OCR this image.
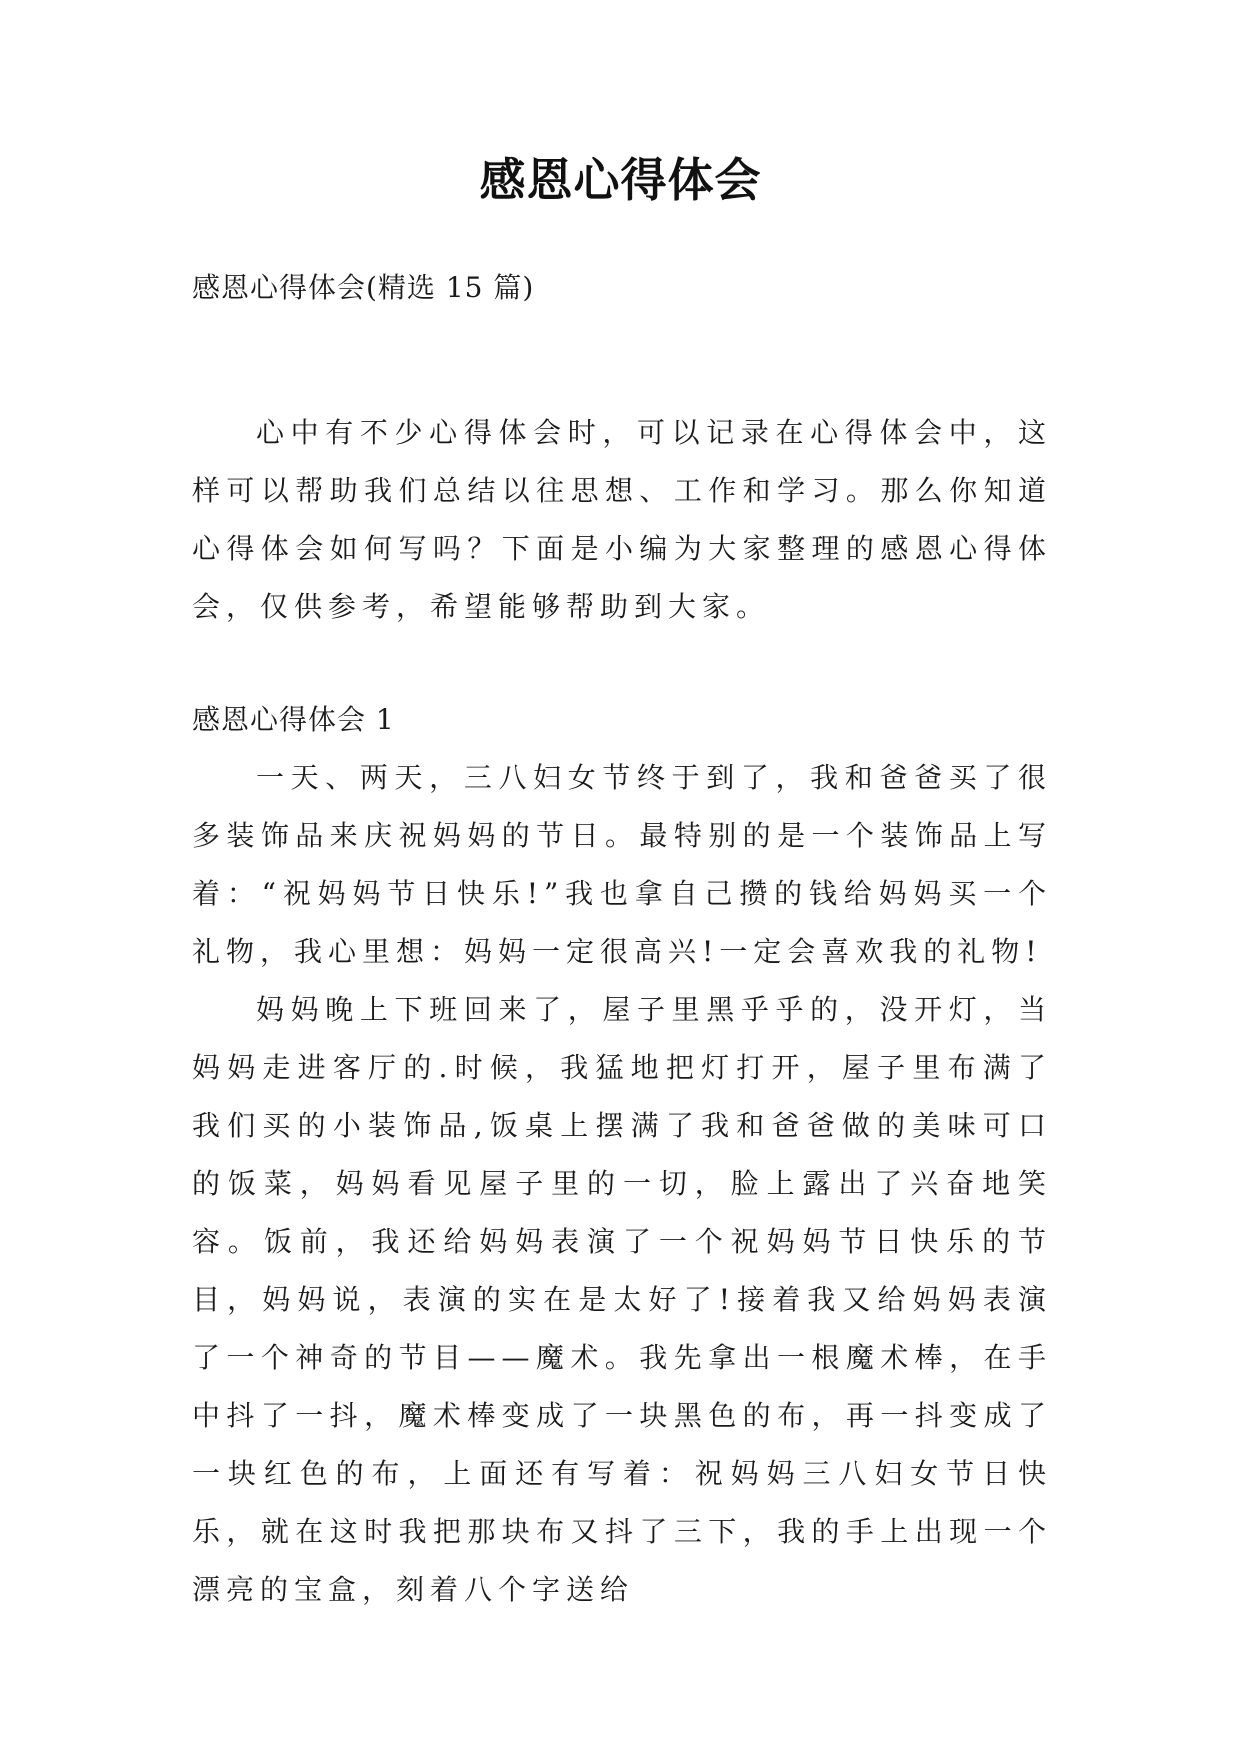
感恩心得体会
感恩心得体会(精选 15 篇)

心中有不少心得体会时，可以记录在心得体会中，这样可以帮助我们总结以往思想、工作和学习。那么你知道心得体会如何写吗？下面是小编为大家整理的感恩心得体会，仅供参考，希望能够帮助到大家。

感恩心得体会 1

一天、两天，三八妇女节终于到了，我和爸爸买了很多装饰品来庆祝妈妈的节日。最特别的是一个装饰品上写着：“祝妈妈节日快乐!”我也拿自己攒的钱给妈妈买一个礼物，我心里想：妈妈一定很高兴!一定会喜欢我的礼物!

妈妈晚上下班回来了，屋子里黑乎乎的，没开灯，当妈妈走进客厅的.时候，我猛地把灯打开，屋子里布满了我们买的小装饰品,饭桌上摆满了我和爸爸做的美味可口的饭菜，妈妈看见屋子里的一切，脸上露出了兴奋地笑容。饭前，我还给妈妈表演了一个祝妈妈节日快乐的节目，妈妈说，表演的实在是太好了!接着我又给妈妈表演了一个神奇的节目——魔术。我先拿出一根魔术棒，在手中抖了一抖，魔术棒变成了一块黑色的布，再一抖变成了一块红色的布，上面还有写着：祝妈妈三八妇女节日快乐，就在这时我把那块布又抖了三下，我的手上出现一个漂亮的宝盒，刻着八个字送给
